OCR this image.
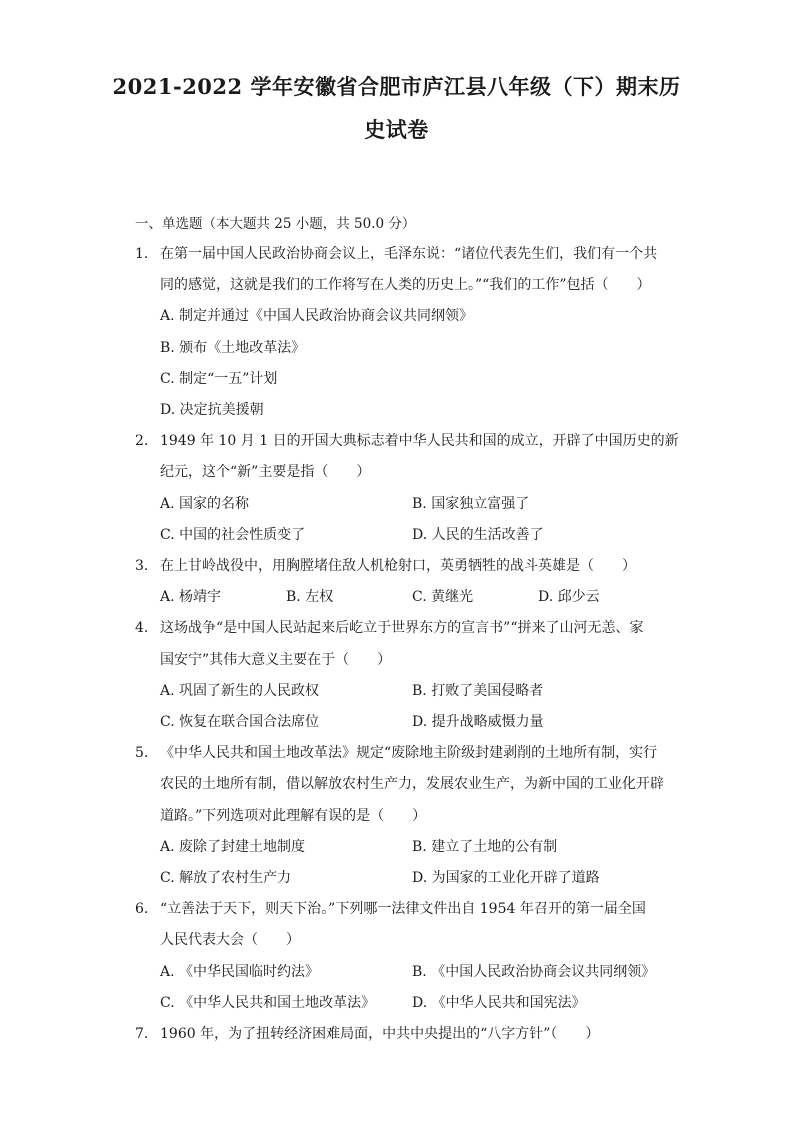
2021-2022 学年安徽省合肥市庐江县八年级（下）期末历
史试卷
一、单选题（本大题共 25 小题，共 50.0 分）
1. 在第一届中国人民政治协商会议上，毛泽东说：“诸位代表先生们，我们有一个共
同的感觉，这就是我们的工作将写在人类的历史上。”“我们的工作”包括（　　）
A. 制定并通过《中国人民政治协商会议共同纲领》
B. 颁布《土地改革法》
C. 制定“一五”计划
D. 决定抗美援朝
2. 1949 年 10 月 1 日的开国大典标志着中华人民共和国的成立，开辟了中国历史的新
纪元，这个“新”主要是指（　　）
A. 国家的名称	B. 国家独立富强了
C. 中国的社会性质变了	D. 人民的生活改善了
3. 在上甘岭战役中，用胸膛堵住敌人机枪射口，英勇牺牲的战斗英雄是（　　）
A. 杨靖宇	B. 左权	C. 黄继光	D. 邱少云
4. 这场战争“是中国人民站起来后屹立于世界东方的宣言书”“拼来了山河无恙、家
国安宁”其伟大意义主要在于（　　）
A. 巩固了新生的人民政权	B. 打败了美国侵略者
C. 恢复在联合国合法席位	D. 提升战略威慑力量
5. 《中华人民共和国土地改革法》规定“废除地主阶级封建剥削的土地所有制，实行
农民的土地所有制，借以解放农村生产力，发展农业生产，为新中国的工业化开辟
道路。”下列选项对此理解有误的是（　　）
A. 废除了封建土地制度	B. 建立了土地的公有制
C. 解放了农村生产力	D. 为国家的工业化开辟了道路
6. “立善法于天下，则天下治。”下列哪一法律文件出自 1954 年召开的第一届全国
人民代表大会（　　）
A. 《中华民国临时约法》	B. 《中国人民政治协商会议共同纲领》
C. 《中华人民共和国土地改革法》	D. 《中华人民共和国宪法》
7. 1960 年，为了扭转经济困难局面，中共中央提出的“八字方针”（　　）
